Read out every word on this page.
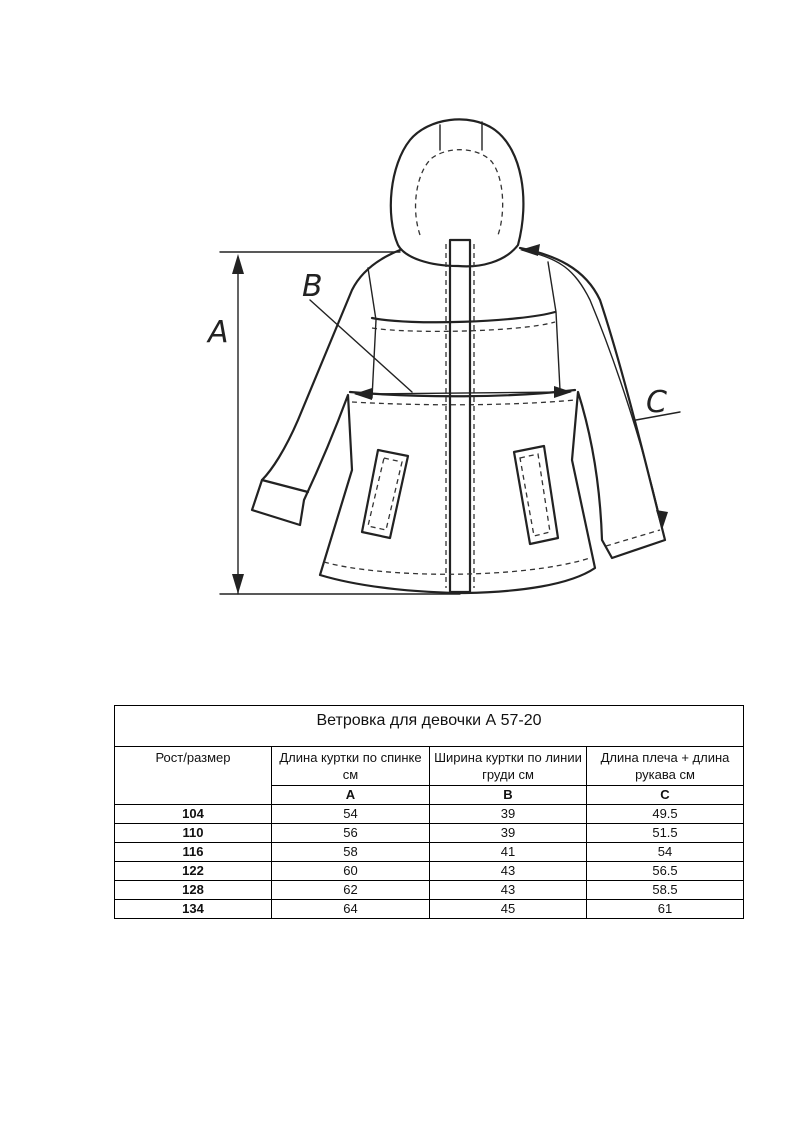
A
B
C
Ветровка для девочки А 57-20			
Рост/размер	Длина куртки по спинке см	Ширина куртки по линии груди см	Длина плеча + длина рукава см
	А	В	С
104	54	39	49.5
110	56	39	51.5
116	58	41	54
122	60	43	56.5
128	62	43	58.5
134	64	45	61
